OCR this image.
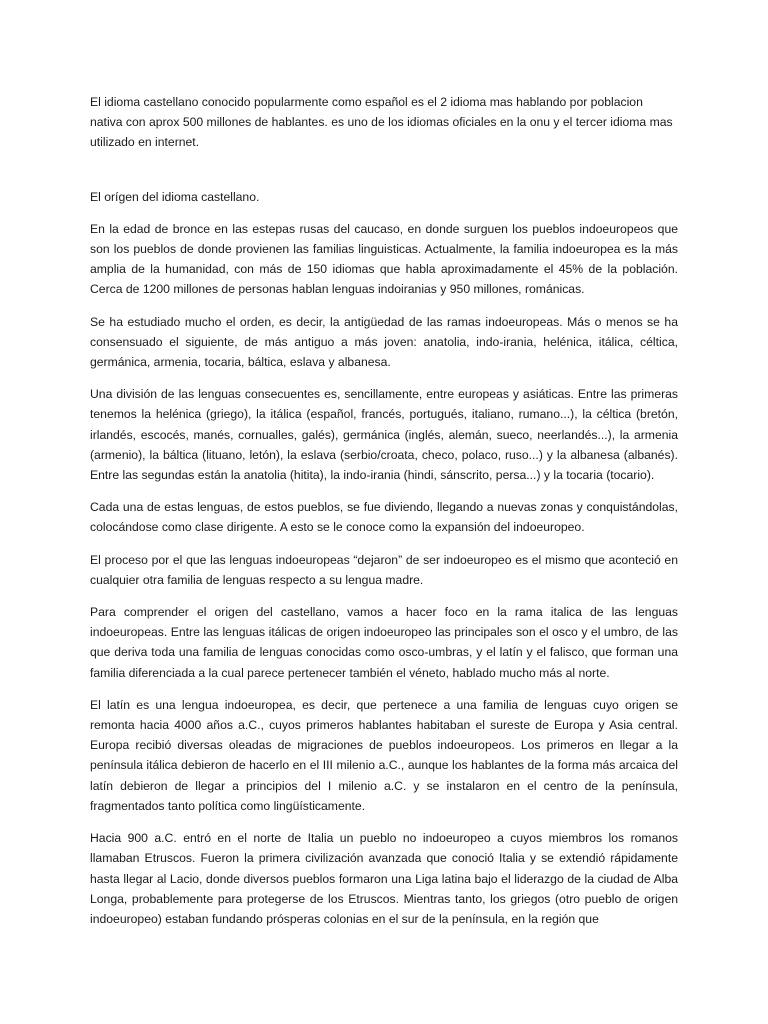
El idioma castellano conocido popularmente como español es el 2 idioma mas hablando por poblacion nativa con aprox 500 millones de hablantes. es uno de los idiomas oficiales en la onu y el tercer idioma mas utilizado en internet.

El orígen del idioma castellano.

En la edad de bronce en las estepas rusas del caucaso, en donde surguen los pueblos indoeuropeos que son los pueblos de donde provienen las familias linguisticas. Actualmente, la familia indoeuropea es la más amplia de la humanidad, con más de 150 idiomas que habla aproximadamente el 45% de la población. Cerca de 1200 millones de personas hablan lenguas indoiranias y 950 millones, románicas.

Se ha estudiado mucho el orden, es decir, la antigüedad de las ramas indoeuropeas. Más o menos se ha consensuado el siguiente, de más antiguo a más joven: anatolia, indo-irania, helénica, itálica, céltica, germánica, armenia, tocaria, báltica, eslava y albanesa.

Una división de las lenguas consecuentes es, sencillamente, entre europeas y asiáticas. Entre las primeras tenemos la helénica (griego), la itálica (español, francés, portugués, italiano, rumano...), la céltica (bretón, irlandés, escocés, manés, cornualles, galés), germánica (inglés, alemán, sueco, neerlandés...), la armenia (armenio), la báltica (lituano, letón), la eslava (serbio/croata, checo, polaco, ruso...) y la albanesa (albanés). Entre las segundas están la anatolia (hitita), la indo-irania (hindi, sánscrito, persa...) y la tocaria (tocario).

Cada una de estas lenguas, de estos pueblos, se fue diviendo, llegando a nuevas zonas y conquistándolas, colocándose como clase dirigente. A esto se le conoce como la expansión del indoeuropeo.

El proceso por el que las lenguas indoeuropeas “dejaron” de ser indoeuropeo es el mismo que aconteció en cualquier otra familia de lenguas respecto a su lengua madre.

Para comprender el origen del castellano, vamos a hacer foco en la rama italica de las lenguas indoeuropeas. Entre las lenguas itálicas de origen indoeuropeo las principales son el osco y el umbro, de las que deriva toda una familia de lenguas conocidas como osco-umbras, y el latín y el falisco, que forman una familia diferenciada a la cual parece pertenecer también el véneto, hablado mucho más al norte.

El latín es una lengua indoeuropea, es decir, que pertenece a una familia de lenguas cuyo origen se remonta hacia 4000 años a.C., cuyos primeros hablantes habitaban el sureste de Europa y Asia central. Europa recibió diversas oleadas de migraciones de pueblos indoeuropeos. Los primeros en llegar a la península itálica debieron de hacerlo en el III milenio a.C., aunque los hablantes de la forma más arcaica del latín debieron de llegar a principios del I milenio a.C. y se instalaron en el centro de la península, fragmentados tanto política como lingüísticamente.

Hacia 900 a.C. entró en el norte de Italia un pueblo no indoeuropeo a cuyos miembros los romanos llamaban Etruscos. Fueron la primera civilización avanzada que conoció Italia y se extendió rápidamente hasta llegar al Lacio, donde diversos pueblos formaron una Liga latina bajo el liderazgo de la ciudad de Alba Longa, probablemente para protegerse de los Etruscos. Mientras tanto, los griegos (otro pueblo de origen indoeuropeo) estaban fundando prósperas colonias en el sur de la península, en la región que
